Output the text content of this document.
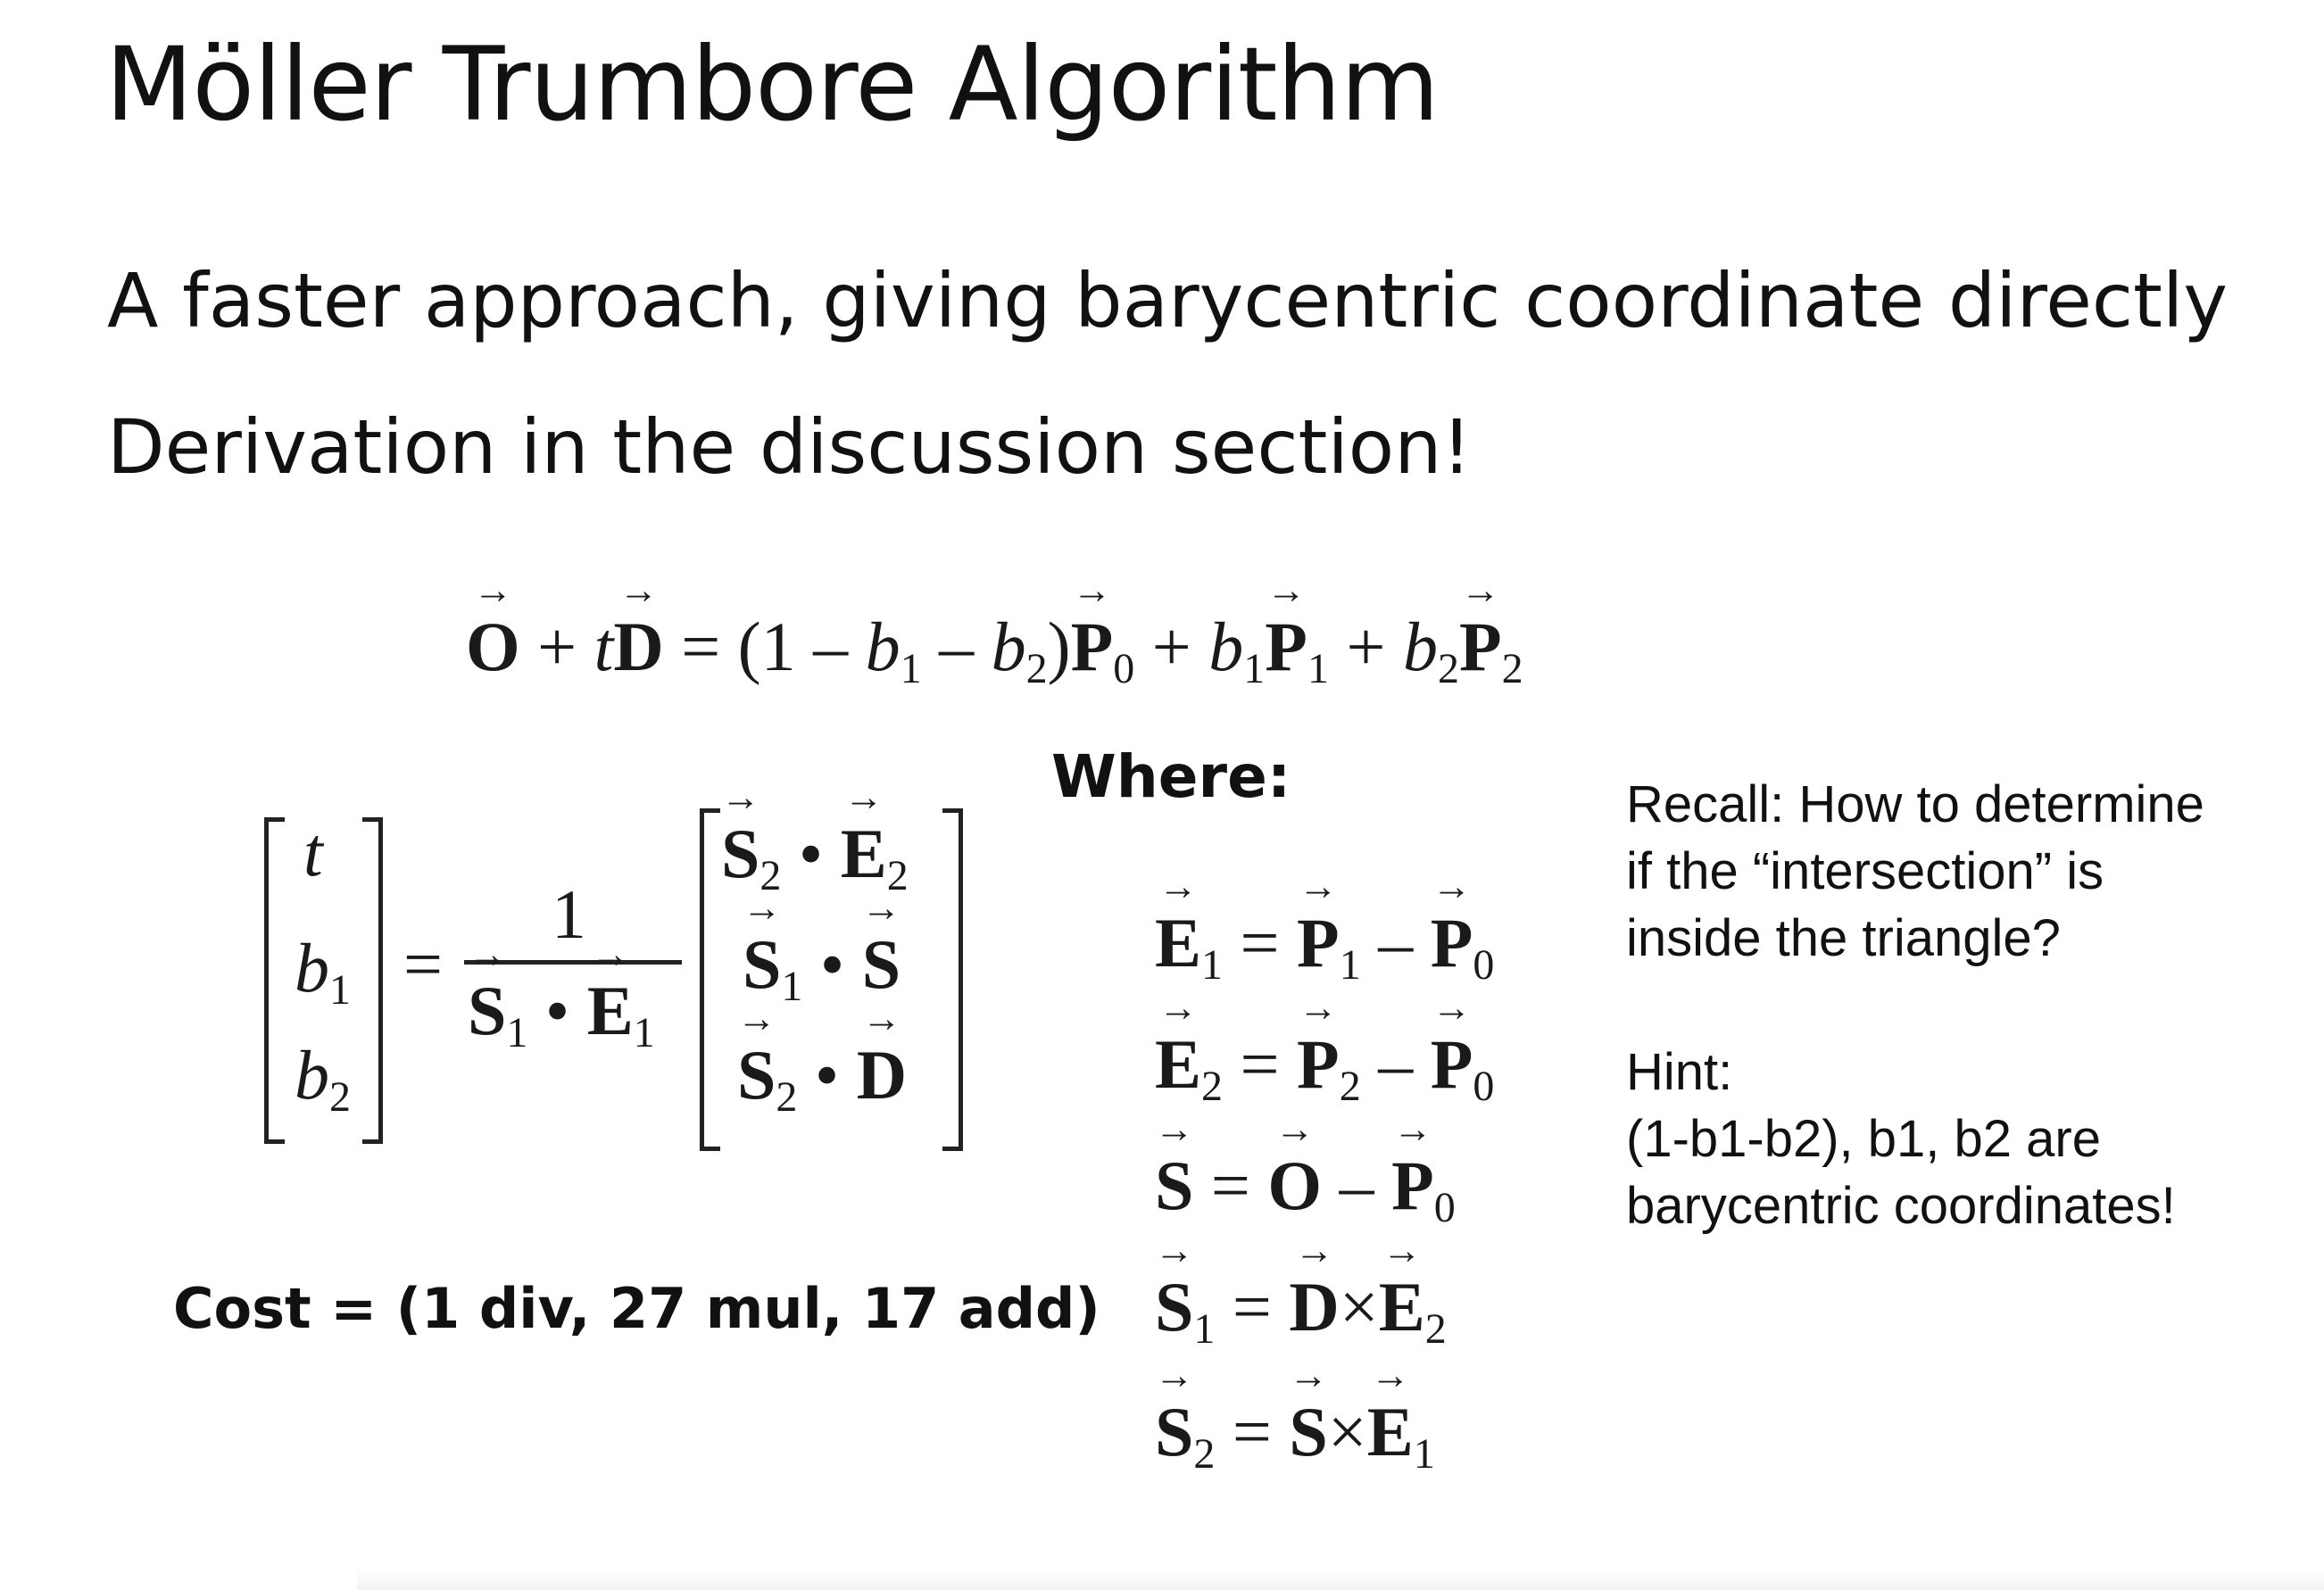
Möller Trumbore Algorithm
A faster approach, giving barycentric coordinate directly
Derivation in the discussion section!
→ $O + t\to D = (1 - b_1 - b_2)\to P_0 + b_1\to P_1 + b_2\to P_2$
t
$b_1$
$b_2$
=
1
→ $S_1$ • → $E_1$
→ $S_2$ • → $E_2$
→ $S_1$ • → S
→ $S_2$ • → D
Where:
→ $E_1$ = → $P_1$ – → $P_0$
→ $E_2$ = → $P_2$ – → $P_0$
→ S = → O – → $P_0$
→ $S_1$ = → $D\times\to E_2$
→ $S_2$ = → $S\times\to E_1$
Cost = (1 div, 27 mul, 17 add)
Recall: How to determine
if the “intersection” is
inside the triangle?
Hint:
(1-b1-b2), b1, b2 are
barycentric coordinates!
